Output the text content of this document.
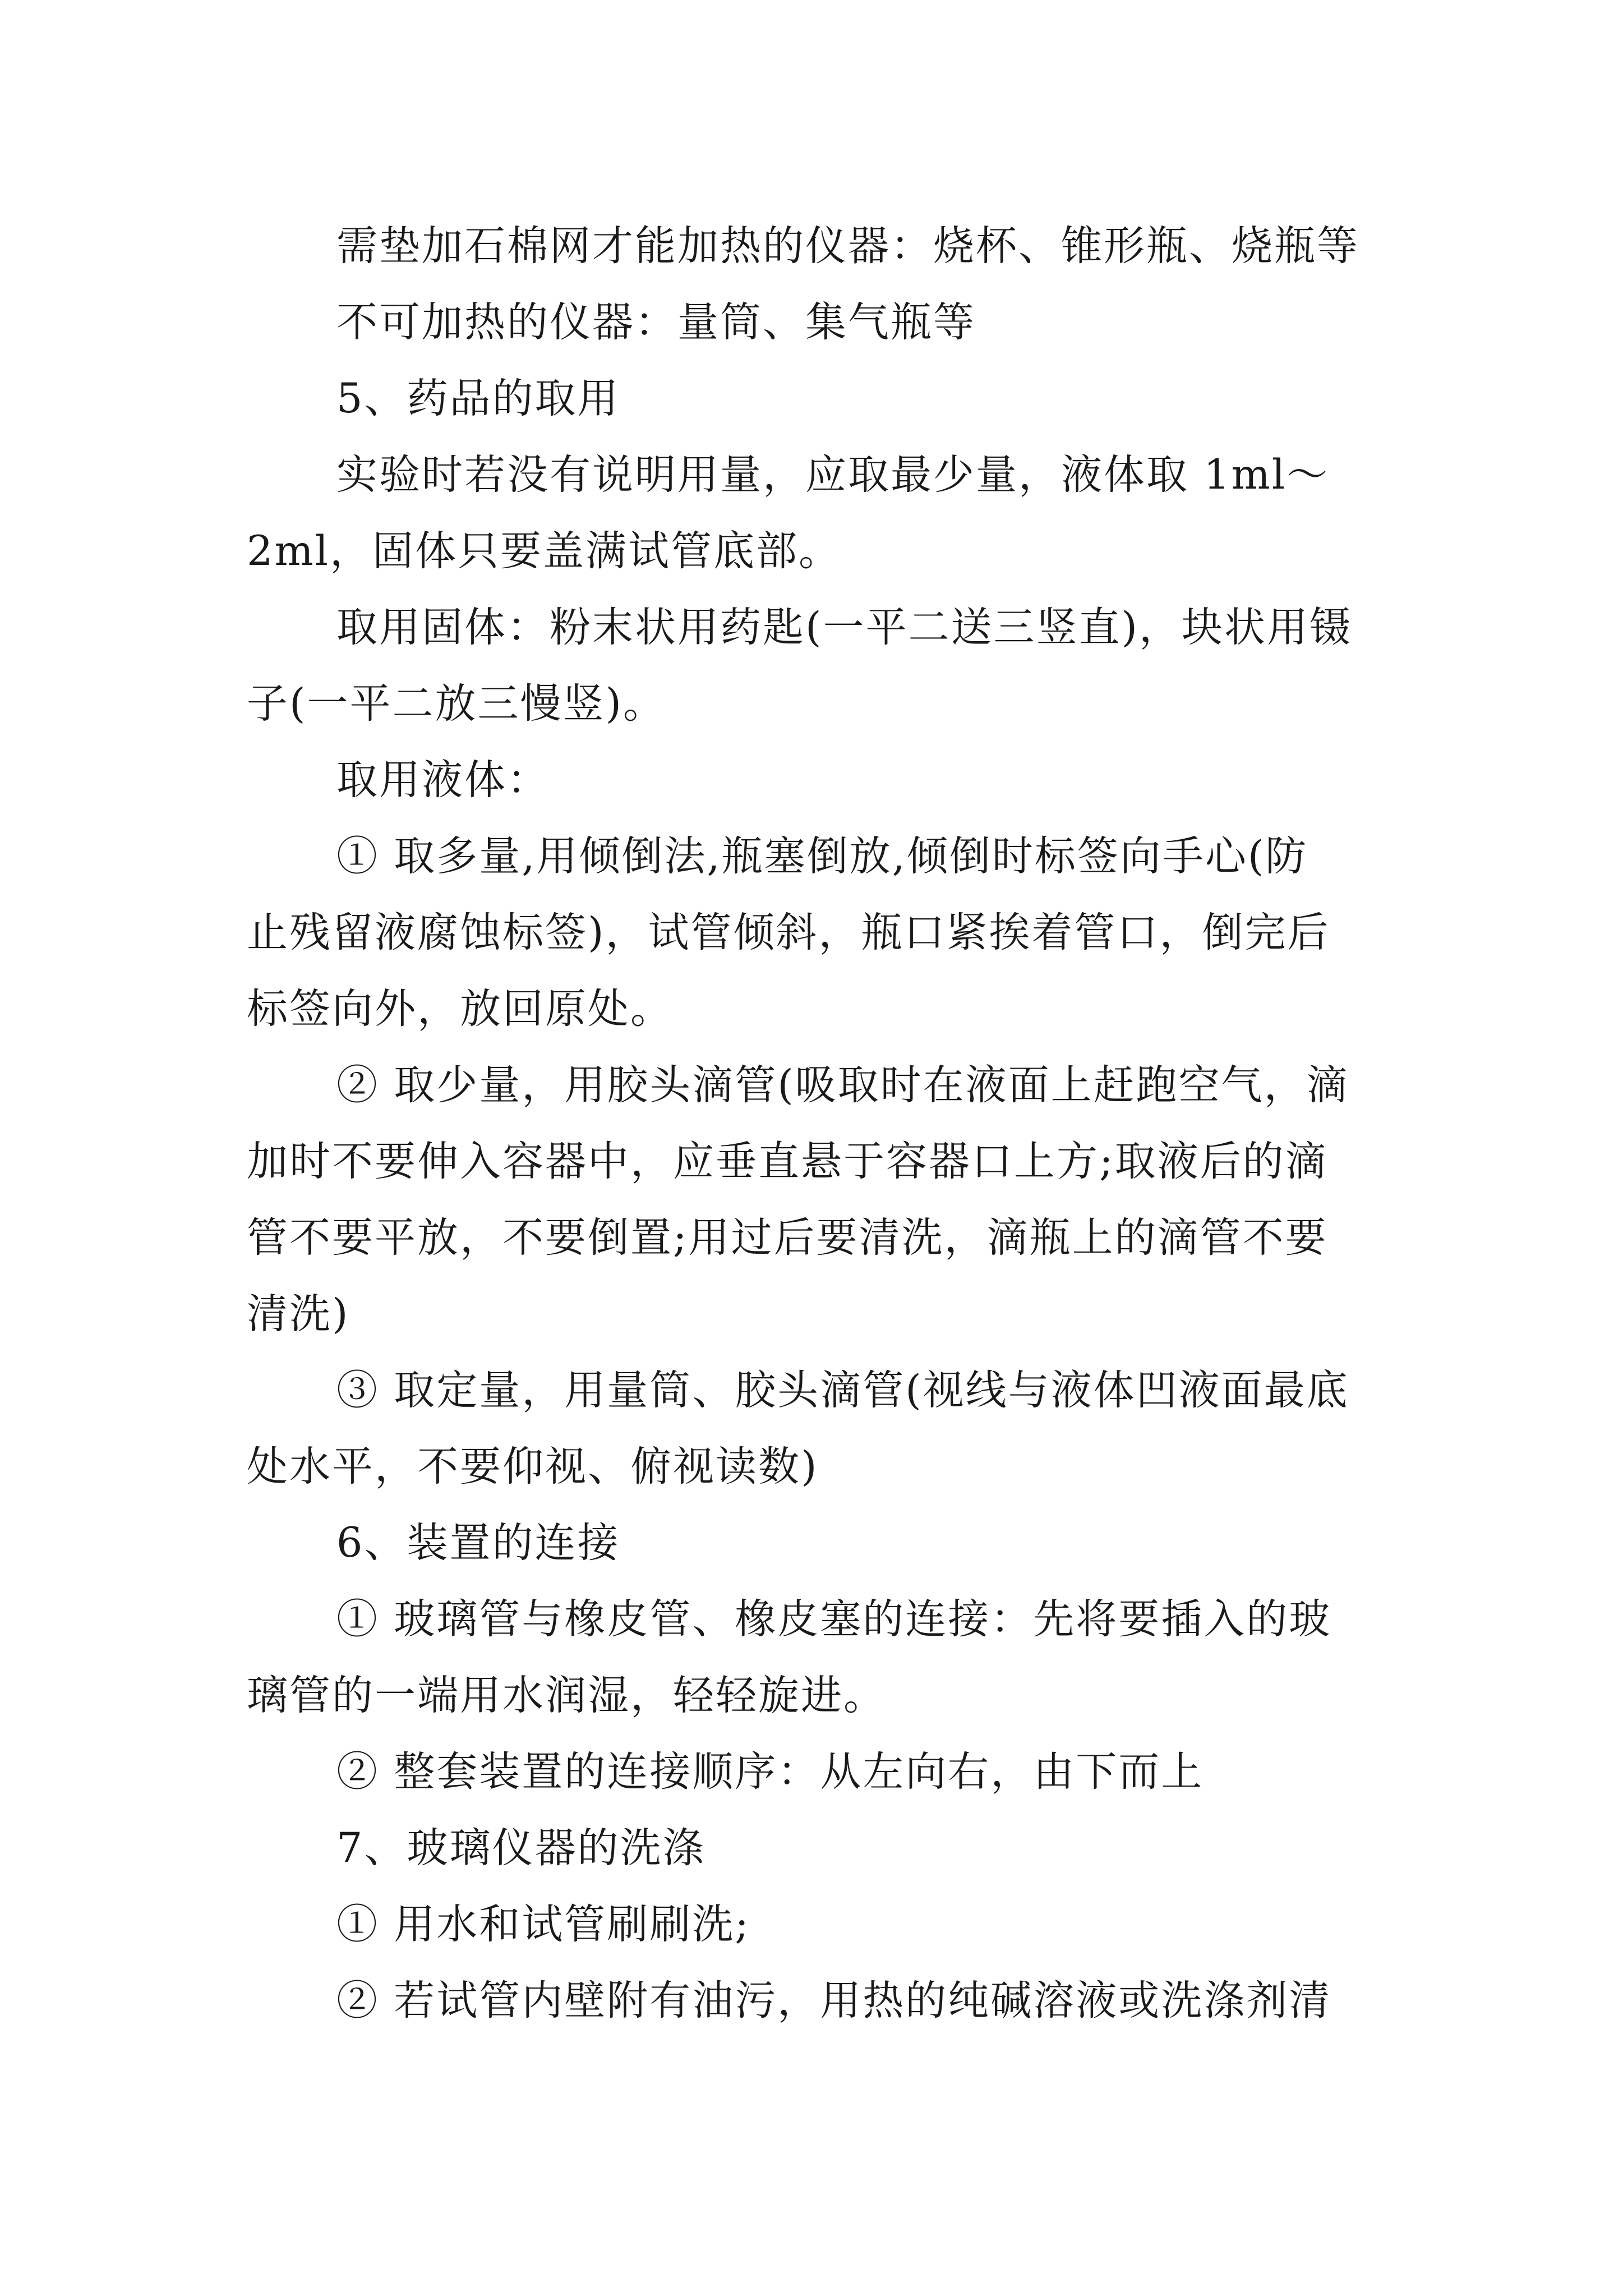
需垫加石棉网才能加热的仪器：烧杯、锥形瓶、烧瓶等
不可加热的仪器：量筒、集气瓶等
5、药品的取用
实验时若没有说明用量，应取最少量，液体取 1ml～
2ml，固体只要盖满试管底部。
取用固体：粉末状用药匙(一平二送三竖直)，块状用镊
子(一平二放三慢竖)。
取用液体：
① 取多量,用倾倒法,瓶塞倒放,倾倒时标签向手心(防
止残留液腐蚀标签)，试管倾斜，瓶口紧挨着管口，倒完后
标签向外，放回原处。
② 取少量，用胶头滴管(吸取时在液面上赶跑空气，滴
加时不要伸入容器中，应垂直悬于容器口上方;取液后的滴
管不要平放，不要倒置;用过后要清洗，滴瓶上的滴管不要
清洗)
③ 取定量，用量筒、胶头滴管(视线与液体凹液面最底
处水平，不要仰视、俯视读数)
6、装置的连接
① 玻璃管与橡皮管、橡皮塞的连接：先将要插入的玻
璃管的一端用水润湿，轻轻旋进。
② 整套装置的连接顺序：从左向右，由下而上
7、玻璃仪器的洗涤
① 用水和试管刷刷洗;
② 若试管内壁附有油污，用热的纯碱溶液或洗涤剂清
